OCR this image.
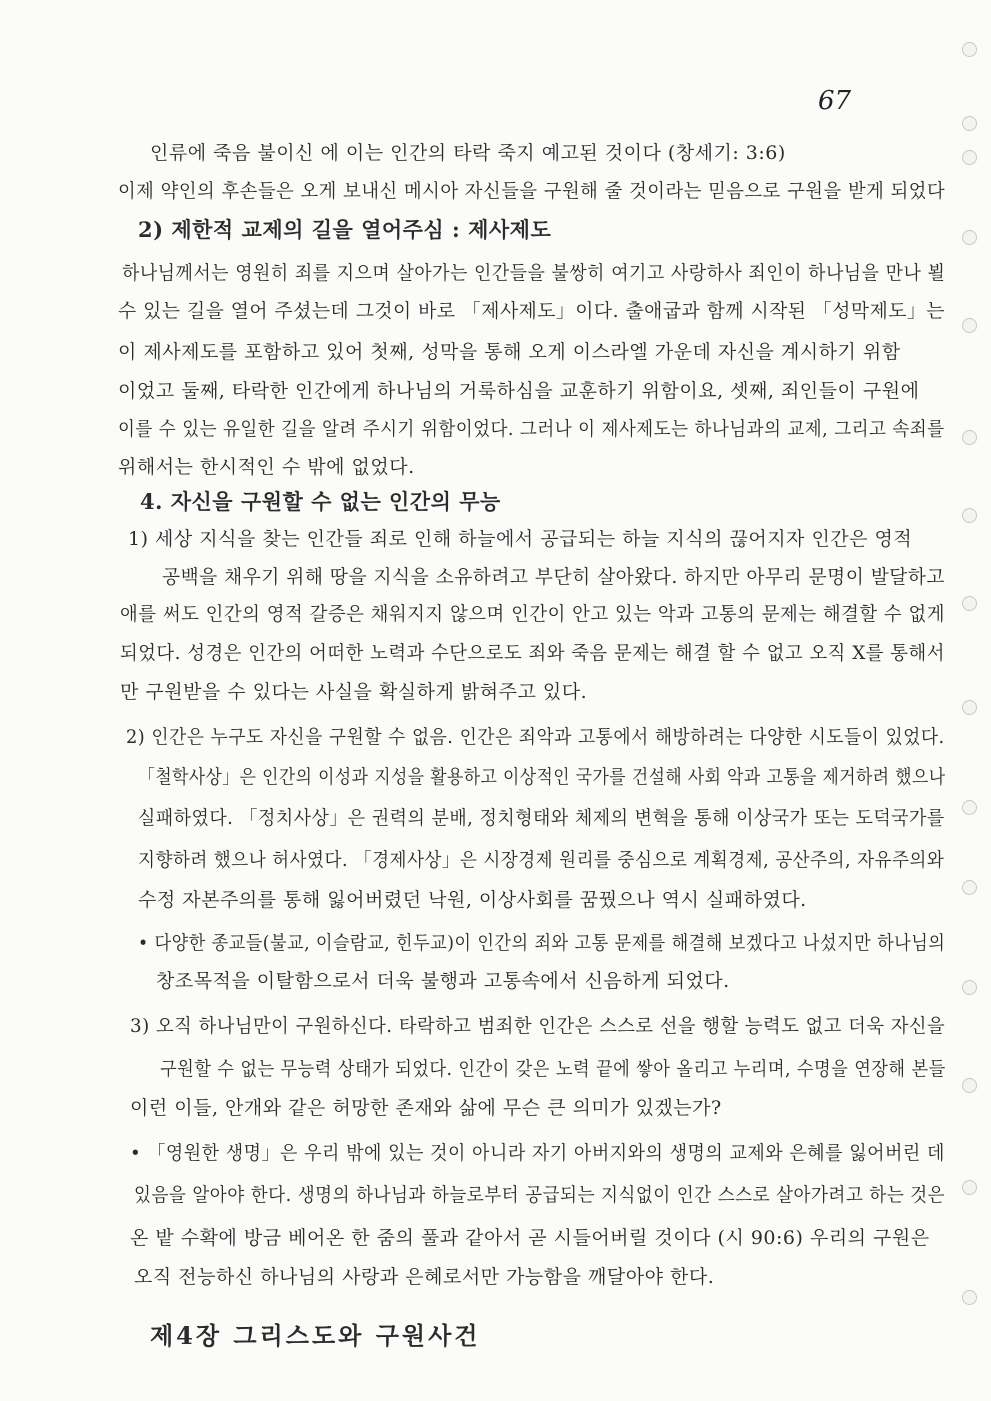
67
인류에 죽음 불이신 에 이는 인간의 타락 죽지 예고된 것이다 (창세기: 3:6)
이제 약인의 후손들은 오게 보내신 메시아 자신들을 구원해 줄 것이라는 믿음으로 구원을 받게 되었다
2) 제한적 교제의 길을 열어주심 : 제사제도
하나님께서는 영원히 죄를 지으며 살아가는 인간들을 불쌍히 여기고 사랑하사 죄인이 하나님을 만나 뵐
수 있는 길을 열어 주셨는데 그것이 바로 「제사제도」이다. 출애굽과 함께 시작된 「성막제도」는
이 제사제도를 포함하고 있어 첫째, 성막을 통해 오게 이스라엘 가운데 자신을 계시하기 위함
이었고 둘째, 타락한 인간에게 하나님의 거룩하심을 교훈하기 위함이요, 셋째, 죄인들이 구원에
이를 수 있는 유일한 길을 알려 주시기 위함이었다. 그러나 이 제사제도는 하나님과의 교제, 그리고 속죄를
위해서는 한시적인 수 밖에 없었다.
4. 자신을 구원할 수 없는 인간의 무능
1) 세상 지식을 찾는 인간들 죄로 인해 하늘에서 공급되는 하늘 지식의 끊어지자 인간은 영적
공백을 채우기 위해 땅을 지식을 소유하려고 부단히 살아왔다. 하지만 아무리 문명이 발달하고
애를 써도 인간의 영적 갈증은 채워지지 않으며 인간이 안고 있는 악과 고통의 문제는 해결할 수 없게
되었다. 성경은 인간의 어떠한 노력과 수단으로도 죄와 죽음 문제는 해결 할 수 없고 오직 X를 통해서
만 구원받을 수 있다는 사실을 확실하게 밝혀주고 있다.
2) 인간은 누구도 자신을 구원할 수 없음. 인간은 죄악과 고통에서 해방하려는 다양한 시도들이 있었다.
「철학사상」은 인간의 이성과 지성을 활용하고 이상적인 국가를 건설해 사회 악과 고통을 제거하려 했으나
실패하였다. 「정치사상」은 권력의 분배, 정치형태와 체제의 변혁을 통해 이상국가 또는 도덕국가를
지향하려 했으나 허사였다. 「경제사상」은 시장경제 원리를 중심으로 계획경제, 공산주의, 자유주의와
수정 자본주의를 통해 잃어버렸던 낙원, 이상사회를 꿈꿨으나 역시 실패하였다.
• 다양한 종교들(불교, 이슬람교, 힌두교)이 인간의 죄와 고통 문제를 해결해 보겠다고 나섰지만 하나님의
창조목적을 이탈함으로서 더욱 불행과 고통속에서 신음하게 되었다.
3) 오직 하나님만이 구원하신다. 타락하고 범죄한 인간은 스스로 선을 행할 능력도 없고 더욱 자신을
구원할 수 없는 무능력 상태가 되었다. 인간이 갖은 노력 끝에 쌓아 올리고 누리며, 수명을 연장해 본들
이런 이들, 안개와 같은 허망한 존재와 삶에 무슨 큰 의미가 있겠는가?
• 「영원한 생명」은 우리 밖에 있는 것이 아니라 자기 아버지와의 생명의 교제와 은혜를 잃어버린 데
있음을 알아야 한다. 생명의 하나님과 하늘로부터 공급되는 지식없이 인간 스스로 살아가려고 하는 것은
온 밭 수확에 방금 베어온 한 줌의 풀과 같아서 곧 시들어버릴 것이다 (시 90:6) 우리의 구원은
오직 전능하신 하나님의 사랑과 은혜로서만 가능함을 깨달아야 한다.
제4장 그리스도와 구원사건
